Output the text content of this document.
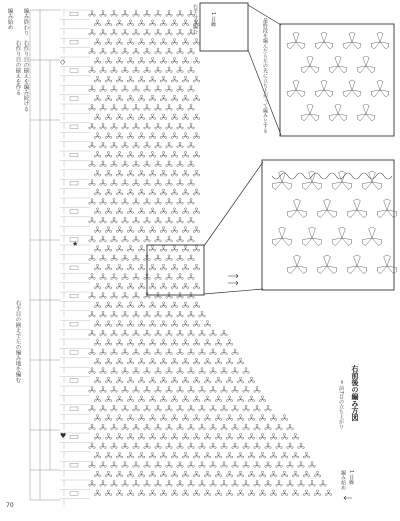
編み始め 編み終わり
右作り目の揃えを作る
右手目の揃えで左の編み地を編む
右作り目の揃えを編み続ける	◇
★
♥
右半分を編む 1 目繰	最終段を編んだら左の先に立ち上がって編みとする
右前後の編み方図
= 前7目の立ち上がり
編み始め 1 目繰
70
